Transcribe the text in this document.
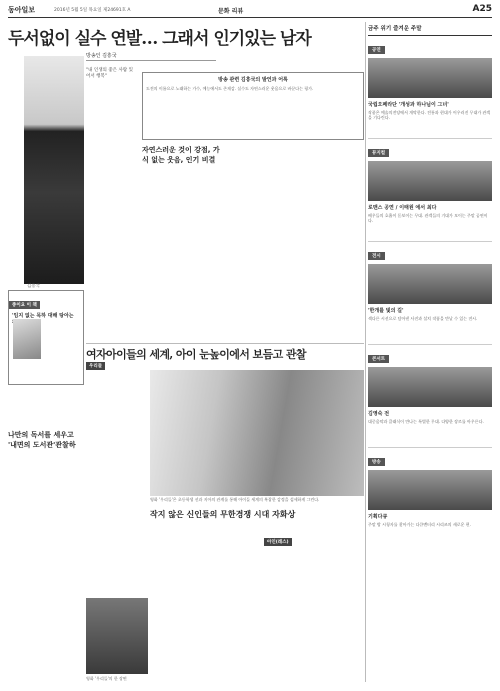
동아일보	2016년 5월 5일 목요일 제24691호 A	문화 리뷰	A25
두서없이 실수 연발… 그래서 인기있는 남자
방송인 김흥국
김흥국
"내 인생의 좋은 사람 있어서 행복"
방송 관련 김흥국의 발언과 어록
도전의 이름으로 노래하는 가수, 예능에서도 존재감. 실수도 자연스러운 웃음으로 바꾼다는 평가.
자연스러운 것이 강점, 가식 없는 웃음, 인기 비결
종이요 이 책
'임지 없는 목하 대해 탕아는
여자아이들의 세계, 아이 눈높이에서 보듬고 관찰
우리들
영화 '우리들'은 초등학생 선과 지아의 관계를 통해 아이들 세계의 복잡한 감정을 섬세하게 그린다.
나만의 독서를 세우고 '내면의 도서관'관찰하
작지 않은 신인들의 무한경쟁 시대 자화상
아인(레스)
영화 '우리들'의 한 장면
금주 위기 즐겨운 주말
공연
국립오페라단 '개성과 하나님이 그녀'
작품은 예술의전당에서 개막한다. 전통과 현대가 어우러진 무대가 관객을 기다린다.
뮤지컬
로맨스 공연 / 이태원 에서 최다
배우들의 호흡이 돋보이는 무대. 관객들의 기대가 모이는 주말 공연이다.
전시
'한개를 빛의 길'
색다른 시선으로 담아낸 사진과 설치 작품을 만날 수 있는 전시.
콘서트
김영숙 전
대중음악과 클래식이 만나는 특별한 무대. 다양한 장르를 아우른다.
방송
기획다큐
주말 밤 시청자를 찾아가는 다큐멘터리 시리즈의 새로운 편.
